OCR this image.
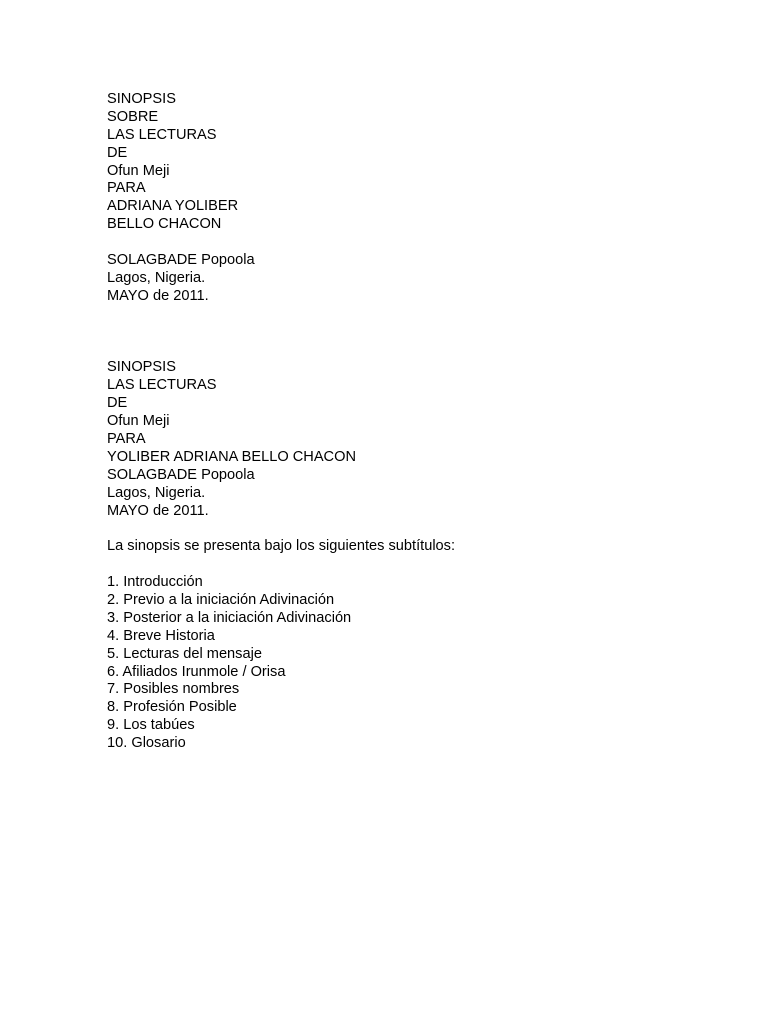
SINOPSIS
SOBRE
LAS LECTURAS
DE
Ofun Meji
PARA
ADRIANA YOLIBER
BELLO CHACON
SOLAGBADE Popoola
Lagos, Nigeria.
MAYO de 2011.
SINOPSIS
LAS LECTURAS
DE
Ofun Meji
PARA
YOLIBER ADRIANA BELLO CHACON
SOLAGBADE Popoola
Lagos, Nigeria.
MAYO de 2011.
La sinopsis se presenta bajo los siguientes subtítulos:
1. Introducción
2. Previo a la iniciación Adivinación
3. Posterior a la iniciación Adivinación
4. Breve Historia
5. Lecturas del mensaje
6. Afiliados Irunmole / Orisa
7. Posibles nombres
8. Profesión Posible
9. Los tabúes
10. Glosario
